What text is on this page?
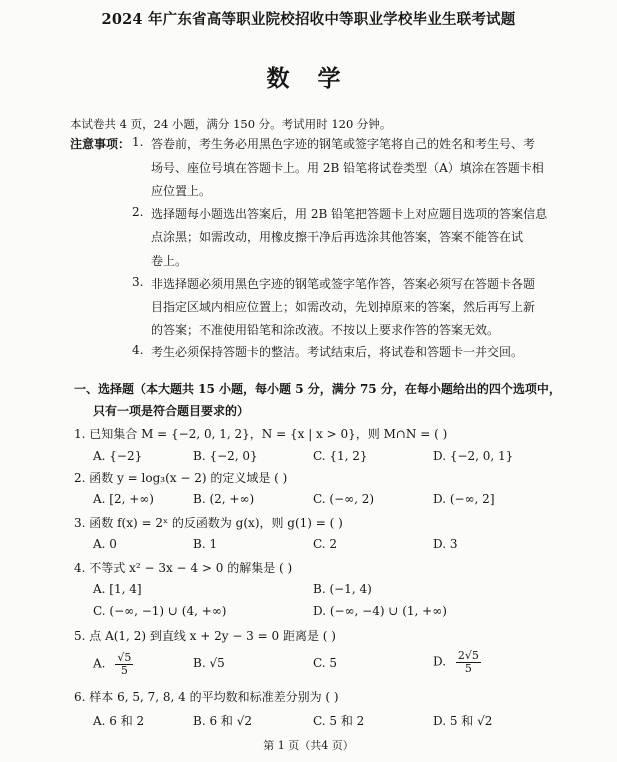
2024 年广东省高等职业院校招收中等职业学校毕业生联考试题
数 学
本试卷共 4 页，24 小题，满分 150 分。考试用时 120 分钟。
注意事项： 1. 答卷前，考生务必用黑色字迹的钢笔或签字笔将自己的姓名和考生号、考
场号、座位号填在答题卡上。用 2B 铅笔将试卷类型（A）填涂在答题卡相
应位置上。
2. 选择题每小题选出答案后，用 2B 铅笔把答题卡上对应题目选项的答案信息
点涂黑；如需改动，用橡皮擦干净后再选涂其他答案，答案不能答在试
卷上。
3. 非选择题必须用黑色字迹的钢笔或签字笔作答，答案必须写在答题卡各题
目指定区域内相应位置上；如需改动，先划掉原来的答案，然后再写上新
的答案；不准使用铅笔和涂改液。不按以上要求作答的答案无效。
4. 考生必须保持答题卡的整洁。考试结束后，将试卷和答题卡一并交回。
一、选择题（本大题共 15 小题，每小题 5 分，满分 75 分，在每小题给出的四个选项中，
只有一项是符合题目要求的）
1. 已知集合 M = {−2, 0, 1, 2}，N = {x | x > 0}，则 M∩N = ( )
A. {−2}	B. {−2, 0}	C. {1, 2}	D. {−2, 0, 1}
2. 函数 y = log₃(x − 2) 的定义域是 ( )
A. [2, +∞)	B. (2, +∞)	C. (−∞, 2)	D. (−∞, 2]
3. 函数 f(x) = 2ˣ 的反函数为 g(x)，则 g(1) = ( )
A. 0	B. 1	C. 2	D. 3
4. 不等式 x² − 3x − 4 > 0 的解集是 ( )
A. [1, 4]	B. (−1, 4)
C. (−∞, −1) ∪ (4, +∞)	D. (−∞, −4) ∪ (1, +∞)
5. 点 A(1, 2) 到直线 x + 2y − 3 = 0 距离是 ( )
A. $\frac{√5}{5}$	B. √5	C. 5	D. $\frac{2√5}{5}$
6. 样本 6, 5, 7, 8, 4 的平均数和标准差分别为 ( )
A. 6 和 2	B. 6 和 √2	C. 5 和 2	D. 5 和 √2
第 1 页（共4 页）
